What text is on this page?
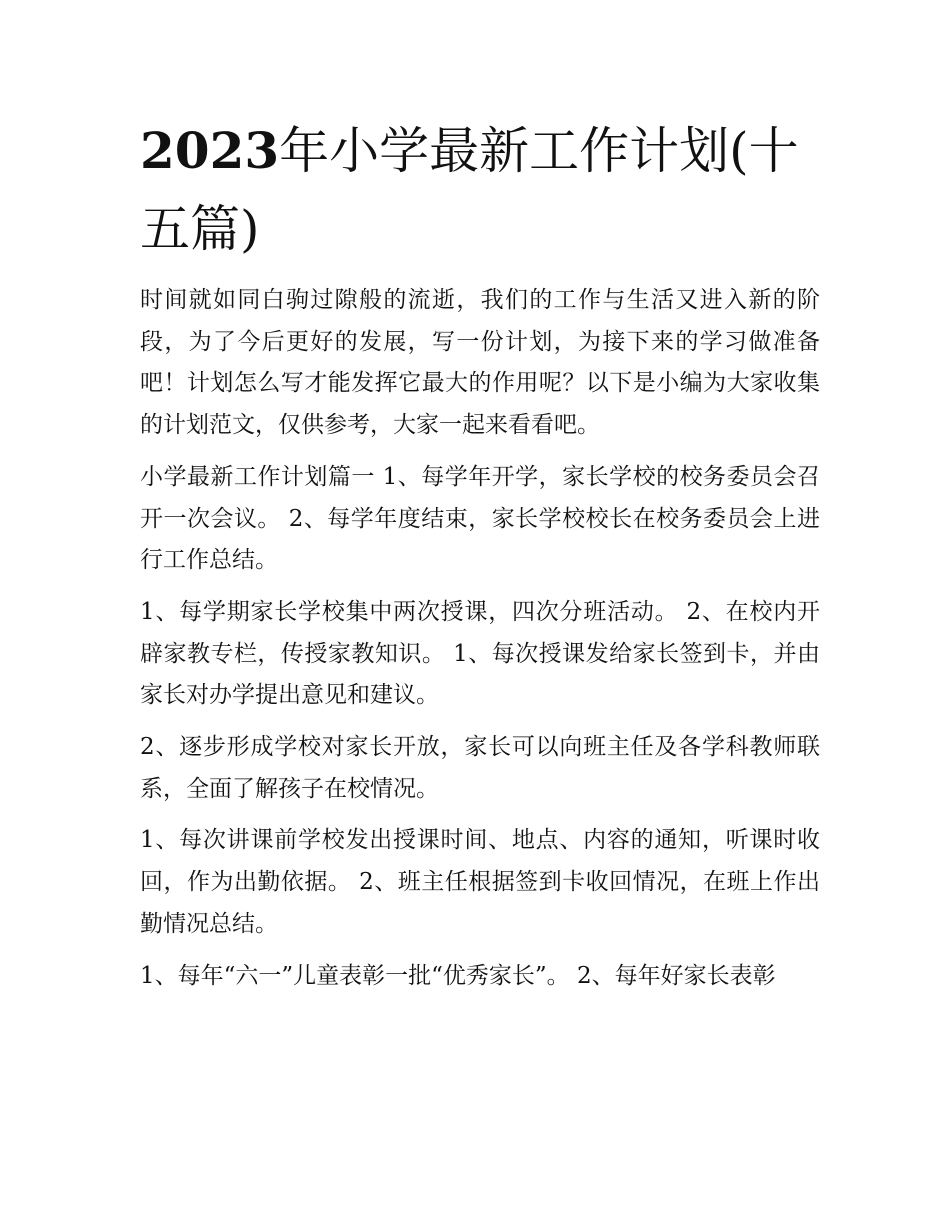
2023年小学最新工作计划(十五篇)

时间就如同白驹过隙般的流逝，我们的工作与生活又进入新的阶段，为了今后更好的发展，写一份计划，为接下来的学习做准备吧！计划怎么写才能发挥它最大的作用呢？以下是小编为大家收集的计划范文，仅供参考，大家一起来看看吧。

小学最新工作计划篇一 1、每学年开学，家长学校的校务委员会召开一次会议。 2、每学年度结束，家长学校校长在校务委员会上进行工作总结。

1、每学期家长学校集中两次授课，四次分班活动。 2、在校内开辟家教专栏，传授家教知识。 1、每次授课发给家长签到卡，并由家长对办学提出意见和建议。

2、逐步形成学校对家长开放，家长可以向班主任及各学科教师联系，全面了解孩子在校情况。

1、每次讲课前学校发出授课时间、地点、内容的通知，听课时收回，作为出勤依据。 2、班主任根据签到卡收回情况，在班上作出勤情况总结。

1、每年“六一”儿童表彰一批“优秀家长”。 2、每年好家长表彰
